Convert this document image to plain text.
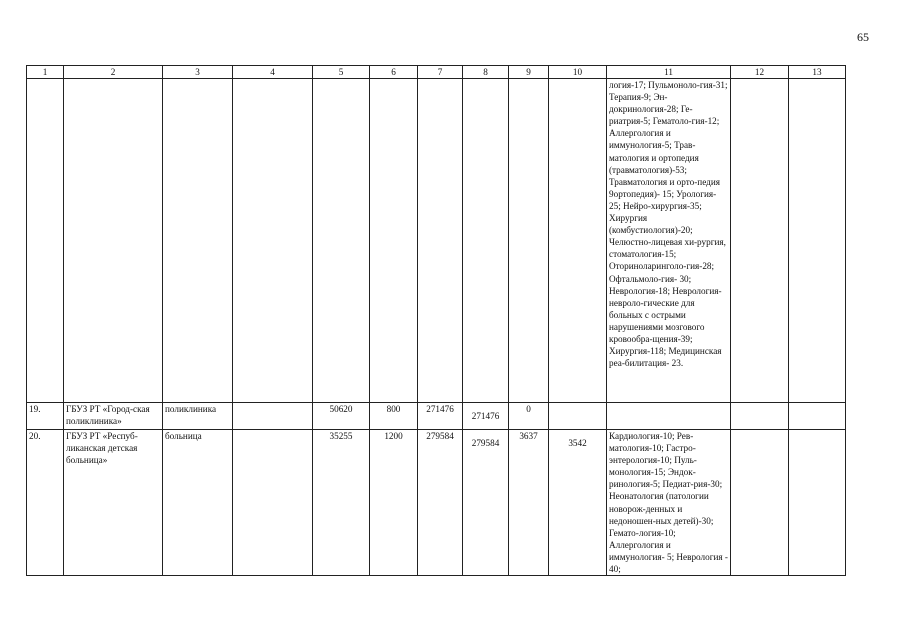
65
1	2	3	4	5	6	7	8	9	10	11	12	13
										логия-17; Пульмоноло-гия-31; Терапия-9; Эн-докринология-28; Ге-риатрия-5; Гематоло-гия-12; Аллергология и иммунология-5; Трав-матология и ортопедия (травматология)-53; Травматология и орто-педия 9ортопедия)- 15; Урология- 25; Нейро-хирургия-35; Хирургия (комбустиология)-20; Челюстно-лицевая хи-рургия, стоматология-15; Оториноларинголо-гия-28; Офтальмоло-гия- 30; Неврология-18; Неврология- невроло-гические для больных с острыми нарушениями мозгового кровообра-щения-39; Хирургия-118; Медицинская реа-билитация- 23.		
19.	ГБУЗ РТ «Город-ская поликлиника»	поликлиника		50620	800	271476	271476	0				
20.	ГБУЗ РТ «Респуб-ликанская детская больница»	больница		35255	1200	279584	279584	3637	3542	Кардиология-10; Рев-матология-10; Гастро-энтерология-10; Пуль-монология-15; Эндок-ринология-5; Педиат-рия-30; Неонатология (патологии новорож-денных и недоношен-ных детей)-30; Гемато-логия-10; Аллергология и иммунология- 5; Неврология - 40;		
